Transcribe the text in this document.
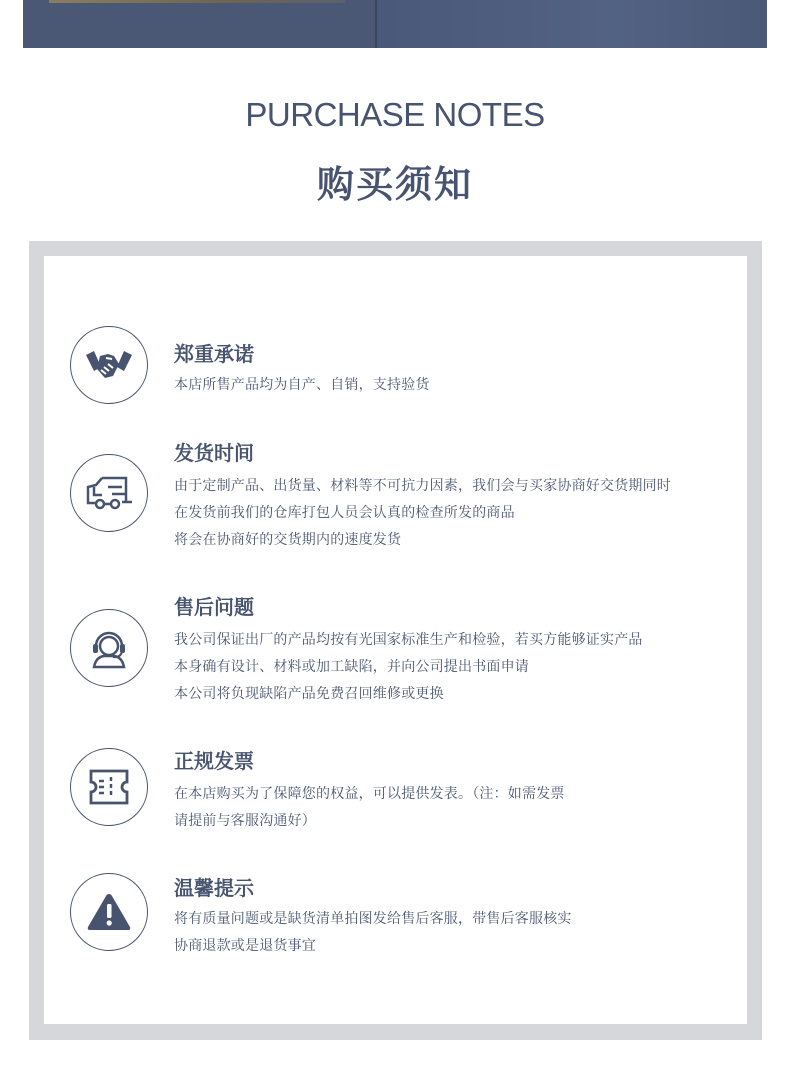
PURCHASE NOTES
购买须知
郑重承诺
本店所售产品均为自产、自销，支持验货
发货时间
由于定制产品、出货量、材料等不可抗力因素，我们会与买家协商好交货期同时
在发货前我们的仓库打包人员会认真的检查所发的商品
将会在协商好的交货期内的速度发货
售后问题
我公司保证出厂的产品均按有光国家标准生产和检验，若买方能够证实产品
本身确有设计、材料或加工缺陷，并向公司提出书面申请
本公司将负现缺陷产品免费召回维修或更换
正规发票
在本店购买为了保障您的权益，可以提供发表。（注：如需发票
请提前与客服沟通好）
温馨提示
将有质量问题或是缺货清单拍图发给售后客服，带售后客服核实
协商退款或是退货事宜
